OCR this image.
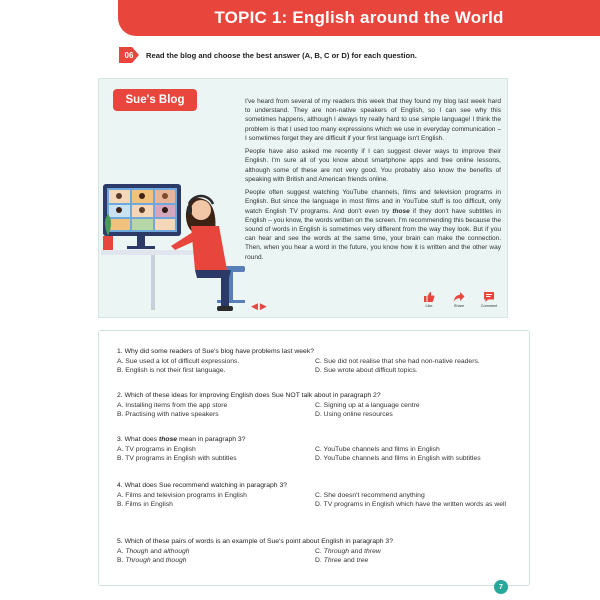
TOPIC 1: English around the World
06 Read the blog and choose the best answer (A, B, C or D) for each question.
Sue's Blog	I've heard from several of my readers this week that they found my blog last week hard to understand. They are non-native speakers of English, so I can see why this sometimes happens, although I always try really hard to use simple language! I think the problem is that I used too many expressions which we use in everyday communication – I sometimes forget they are difficult if your first language isn't English.

People have also asked me recently if I can suggest clever ways to improve their English. I'm sure all of you know about smartphone apps and free online lessons, although some of these are not very good. You probably also know the benefits of speaking with British and American friends online.

People often suggest watching YouTube channels, films and television programs in English. But since the language in most films and in YouTube stuff is too difficult, only watch English TV programs. And don't even try those if they don't have subtitles in English – you know, the words written on the screen. I'm recommending this because the sound of words in English is sometimes very different from the way they look. But if you can hear and see the words at the same time, your brain can make the connection. Then, when you hear a word in the future, you know how it is written and the other way round.

◀ ▶	Like	Share	Comment
1. Why did some readers of Sue's blog have problems last week?
A. Sue used a lot of difficult expressions.	C. Sue did not realise that she had non-native readers.
B. English is not their first language.	D. Sue wrote about difficult topics.
2. Which of these ideas for improving English does Sue NOT talk about in paragraph 2?
A. Installing items from the app store	C. Signing up at a language centre
B. Practising with native speakers	D. Using online resources
3. What does those mean in paragraph 3?
A. TV programs in English	C. YouTube channels and films in English
B. TV programs in English with subtitles	D. YouTube channels and films in English with subtitles
4. What does Sue recommend watching in paragraph 3?
A. Films and television programs in English	C. She doesn't recommend anything
B. Films in English	D. TV programs in English which have the written words as well
5. Which of these pairs of words is an example of Sue's point about English in paragraph 3?
A. Though and although	C. Through and threw
B. Through and though	D. Three and tree
7
